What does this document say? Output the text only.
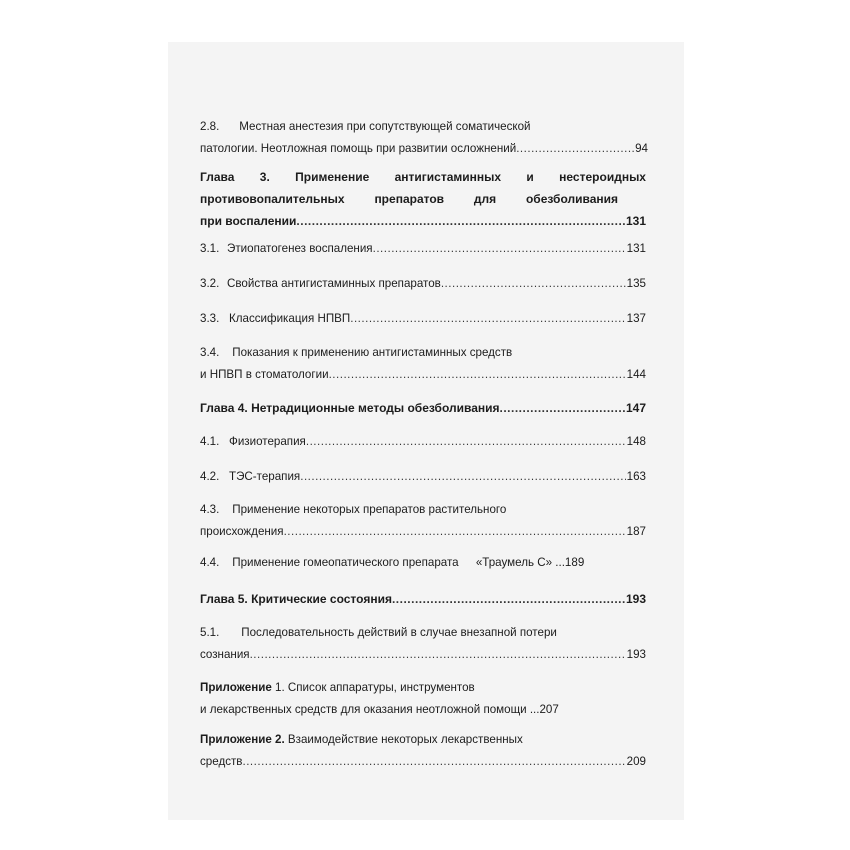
2.8. Местная анестезия при сопутствующей соматической
патологии. Неотложная помощь при развитии осложнений .....	94
Глава 3. Применение антигистаминных и нестероидных
противовопалительных препаратов для обезболивания
при воспалении .....	131
3.1. Этиопатогенез воспаления .....	131
3.2. Свойства антигистаминных препаратов .....	135
3.3. Классификация НПВП .....	137
3.4. Показания к применению антигистаминных средств
и НПВП в стоматологии .....	144
Глава 4. Нетрадиционные методы обезболивания .....	147
4.1. Физиотерапия .....	148
4.2. ТЭС-терапия .....	163
4.3. Применение некоторых препаратов растительного
происхождения .....	187
4.4. Применение гомеопатического препарата «Траумель С» ...189
Глава 5. Критические состояния .....	193
5.1. Последовательность действий в случае внезапной потери
сознания .....	193
Приложение 1. Список аппаратуры, инструментов
и лекарственных средств для оказания неотложной помощи ...207
Приложение 2. Взаимодействие некоторых лекарственных
средств .....	209
